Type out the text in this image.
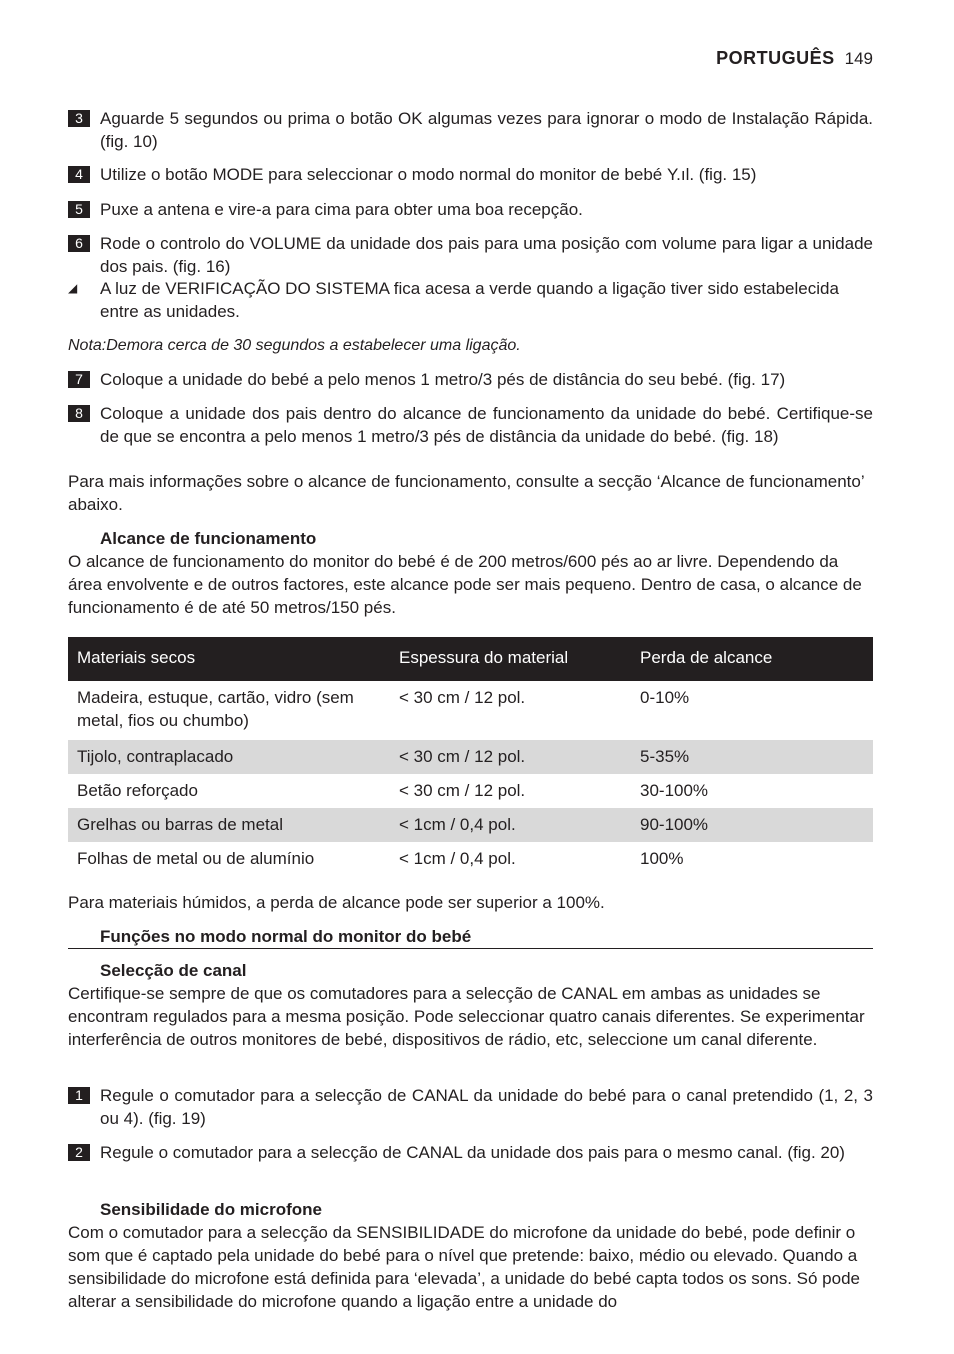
PORTUGUÊS 149
3	Aguarde 5 segundos ou prima o botão OK algumas vezes para ignorar o modo de Instalação Rápida. (fig. 10)
4	Utilize o botão MODE para seleccionar o modo normal do monitor de bebé Υ.ıl. (fig. 15)
5	Puxe a antena e vire-a para cima para obter uma boa recepção.
6	Rode o controlo do VOLUME da unidade dos pais para uma posição com volume para ligar a unidade dos pais. (fig. 16)
◢ A luz de VERIFICAÇÃO DO SISTEMA fica acesa a verde quando a ligação tiver sido estabelecida entre as unidades.
Nota:Demora cerca de 30 segundos a estabelecer uma ligação.
7	Coloque a unidade do bebé a pelo menos 1 metro/3 pés de distância do seu bebé. (fig. 17)
8	Coloque a unidade dos pais dentro do alcance de funcionamento da unidade do bebé. Certifique-se de que se encontra a pelo menos 1 metro/3 pés de distância da unidade do bebé. (fig. 18)
Para mais informações sobre o alcance de funcionamento, consulte a secção ‘Alcance de funcionamento’ abaixo.
Alcance de funcionamento
O alcance de funcionamento do monitor do bebé é de 200 metros/600 pés ao ar livre. Dependendo da área envolvente e de outros factores, este alcance pode ser mais pequeno. Dentro de casa, o alcance de funcionamento é de até 50 metros/150 pés.
Materiais secos	Espessura do material	Perda de alcance
Madeira, estuque, cartão, vidro (sem metal, fios ou chumbo)	< 30 cm / 12 pol.	0-10%
Tijolo, contraplacado	< 30 cm / 12 pol.	5-35%
Betão reforçado	< 30 cm / 12 pol.	30-100%
Grelhas ou barras de metal	< 1cm / 0,4 pol.	90-100%
Folhas de metal ou de alumínio	< 1cm / 0,4 pol.	100%
Para materiais húmidos, a perda de alcance pode ser superior a 100%.
Funções no modo normal do monitor do bebé
Selecção de canal
Certifique-se sempre de que os comutadores para a selecção de CANAL em ambas as unidades se encontram regulados para a mesma posição. Pode seleccionar quatro canais diferentes. Se experimentar interferência de outros monitores de bebé, dispositivos de rádio, etc, seleccione um canal diferente.
1	Regule o comutador para a selecção de CANAL da unidade do bebé para o canal pretendido (1, 2, 3 ou 4). (fig. 19)
2	Regule o comutador para a selecção de CANAL da unidade dos pais para o mesmo canal. (fig. 20)
Sensibilidade do microfone
Com o comutador para a selecção da SENSIBILIDADE do microfone da unidade do bebé, pode definir o som que é captado pela unidade do bebé para o nível que pretende: baixo, médio ou elevado. Quando a sensibilidade do microfone está definida para ‘elevada’, a unidade do bebé capta todos os sons. Só pode alterar a sensibilidade do microfone quando a ligação entre a unidade do
